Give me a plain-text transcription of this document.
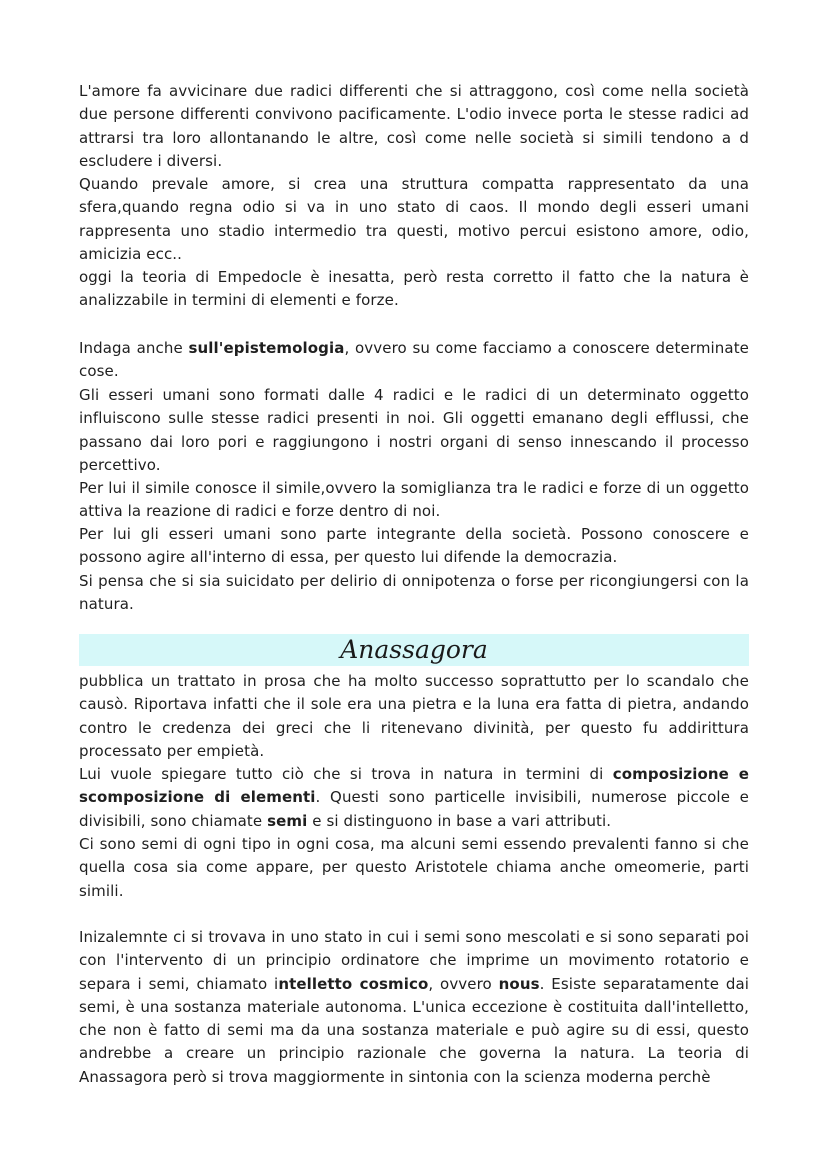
L'amore fa avvicinare due radici differenti che si attraggono, così come nella società due persone differenti convivono pacificamente. L'odio invece porta le stesse radici ad attrarsi tra loro allontanando le altre, così come nelle società si simili tendono a d escludere i diversi.

Quando prevale amore, si crea una struttura compatta rappresentato da una sfera,quando regna odio si va in uno stato di caos. Il mondo degli esseri umani rappresenta uno stadio intermedio tra questi, motivo percui esistono amore, odio, amicizia ecc..

oggi la teoria di Empedocle è inesatta, però resta corretto il fatto che la natura è analizzabile in termini di elementi e forze.

Indaga anche sull'epistemologia, ovvero su come facciamo a conoscere determinate cose.

Gli esseri umani sono formati dalle 4 radici e le radici di un determinato oggetto influiscono sulle stesse radici presenti in noi. Gli oggetti emanano degli efflussi, che passano dai loro pori e raggiungono i nostri organi di senso innescando il processo percettivo.

Per lui il simile conosce il simile,ovvero la somiglianza tra le radici e forze di un oggetto attiva la reazione di radici e forze dentro di noi.

Per lui gli esseri umani sono parte integrante della società. Possono conoscere e possono agire all'interno di essa, per questo lui difende la democrazia.

Si pensa che si sia suicidato per delirio di onnipotenza o forse per ricongiungersi con la natura.

Anassagora

pubblica un trattato in prosa che ha molto successo soprattutto per lo scandalo che causò. Riportava infatti che il sole era una pietra e la luna era fatta di pietra, andando contro le credenza dei greci che li ritenevano divinità, per questo fu addirittura processato per empietà.

Lui vuole spiegare tutto ciò che si trova in natura in termini di composizione e scomposizione di elementi. Questi sono particelle invisibili, numerose piccole e divisibili, sono chiamate semi e si distinguono in base a vari attributi.

Ci sono semi di ogni tipo in ogni cosa, ma alcuni semi essendo prevalenti fanno si che quella cosa sia come appare, per questo Aristotele chiama anche omeomerie, parti simili.

Inizalemnte ci si trovava in uno stato in cui i semi sono mescolati e si sono separati poi con l'intervento di un principio ordinatore che imprime un movimento rotatorio e separa i semi, chiamato intelletto cosmico, ovvero nous. Esiste separatamente dai semi, è una sostanza materiale autonoma. L'unica eccezione è costituita dall'intelletto, che non è fatto di semi ma da una sostanza materiale e può agire su di essi, questo andrebbe a creare un principio razionale che governa la natura. La teoria di Anassagora però si trova maggiormente in sintonia con la scienza moderna perchè
